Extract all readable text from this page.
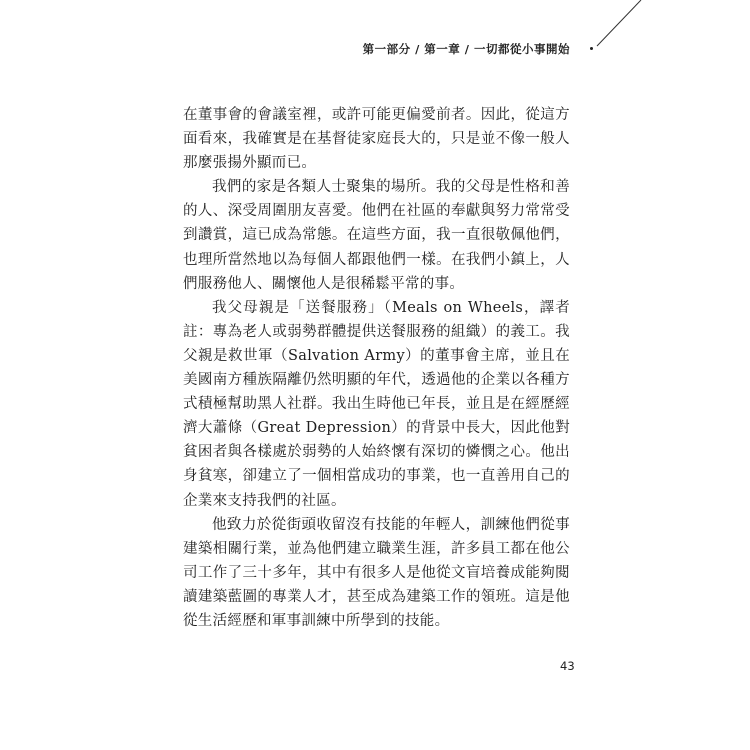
第一部分 / 第一章 / 一切都從小事開始

在董事會的會議室裡，或許可能更偏愛前者。因此，從這方面看來，我確實是在基督徒家庭長大的，只是並不像一般人那麼張揚外顯而已。

我們的家是各類人士聚集的場所。我的父母是性格和善的人、深受周圍朋友喜愛。他們在社區的奉獻與努力常常受到讚賞，這已成為常態。在這些方面，我一直很敬佩他們，也理所當然地以為每個人都跟他們一樣。在我們小鎮上，人們服務他人、關懷他人是很稀鬆平常的事。

我父母親是「送餐服務」（Meals on Wheels，譯者註：專為老人或弱勢群體提供送餐服務的組織）的義工。我父親是救世軍（Salvation Army）的董事會主席，並且在美國南方種族隔離仍然明顯的年代，透過他的企業以各種方式積極幫助黑人社群。我出生時他已年長，並且是在經歷經濟大蕭條（Great Depression）的背景中長大，因此他對貧困者與各樣處於弱勢的人始終懷有深切的憐憫之心。他出身貧寒，卻建立了一個相當成功的事業，也一直善用自己的企業來支持我們的社區。

他致力於從街頭收留沒有技能的年輕人，訓練他們從事建築相關行業，並為他們建立職業生涯，許多員工都在他公司工作了三十多年，其中有很多人是他從文盲培養成能夠閱讀建築藍圖的專業人才，甚至成為建築工作的領班。這是他從生活經歷和軍事訓練中所學到的技能。

43
